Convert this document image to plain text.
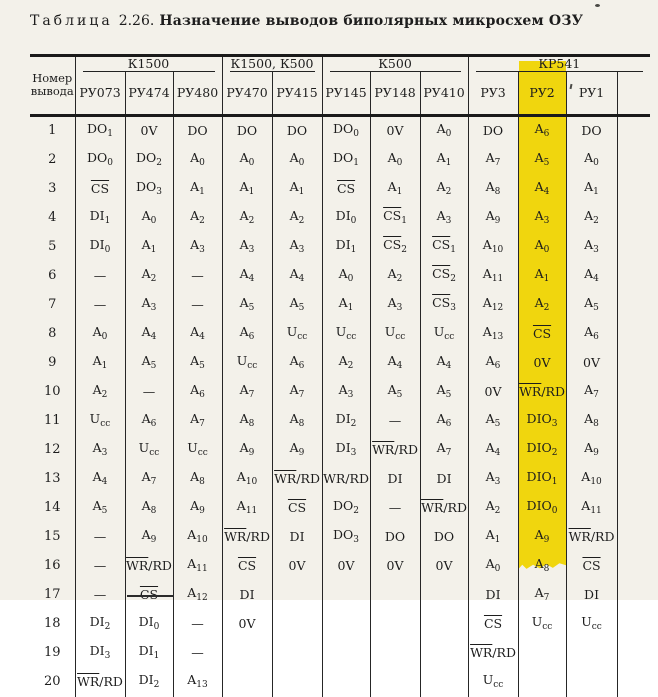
Таблица 2.26. Назначение выводов биполярных микросхем ОЗУ
Номер
вывода	К1500			К1500, К500		К500			КР541			

	РУ073	РУ474	РУ480	РУ470	РУ415	РУ145	РУ148	РУ410	РУ3	РУ2	РУ1	
1	$DO_1$	0V	DO	DO	DO	$DO_0$	0V	$A_0$	DO	$A_6$	DO	
2	$DO_0$	$DO_2$	$A_0$	$A_0$	$A_0$	$DO_1$	$A_0$	$A_1$	$A_7$	$A_5$	$A_0$	
3	$\overline{CS}$	$DO_3$	$A_1$	$A_1$	$A_1$	$\overline{CS}$	$A_1$	$A_2$	$A_8$	$A_4$	$A_1$	
4	$DI_1$	$A_0$	$A_2$	$A_2$	$A_2$	$DI_0$	$\overline{CS}_1$	$A_3$	$A_9$	$A_3$	$A_2$	
5	$DI_0$	$A_1$	$A_3$	$A_3$	$A_3$	$DI_1$	$\overline{CS}_2$	$\overline{CS}_1$	$A_{10}$	$A_0$	$A_3$	
6	—	$A_2$	—	$A_4$	$A_4$	$A_0$	$A_2$	$\overline{CS}_2$	$A_{11}$	$A_1$	$A_4$	
7	—	$A_3$	—	$A_5$	$A_5$	$A_1$	$A_3$	$\overline{CS}_3$	$A_{12}$	$A_2$	$A_5$	
8	$A_0$	$A_4$	$A_4$	$A_6$	$U_{cc}$	$U_{cc}$	$U_{cc}$	$U_{cc}$	$A_{13}$	$\overline{CS}$	$A_6$	
9	$A_1$	$A_5$	$A_5$	$U_{cc}$	$A_6$	$A_2$	$A_4$	$A_4$	$A_6$	0V	0V	
10	$A_2$	—	$A_6$	$A_7$	$A_7$	$A_3$	$A_5$	$A_5$	0V	$\overline{WR}/RD$	$A_7$	
11	$U_{cc}$	$A_6$	$A_7$	$A_8$	$A_8$	$DI_2$	—	$A_6$	$A_5$	$DIO_3$	$A_8$	
12	$A_3$	$U_{cc}$	$U_{cc}$	$A_9$	$A_9$	$DI_3$	$\overline{WR}/RD$	$A_7$	$A_4$	$DIO_2$	$A_9$	
13	$A_4$	$A_7$	$A_8$	$A_{10}$	$\overline{WR}/RD$	WR/RD	DI	DI	$A_3$	$DIO_1$	$A_{10}$	
14	$A_5$	$A_8$	$A_9$	$A_{11}$	$\overline{CS}$	$DO_2$	—	$\overline{WR}/RD$	$A_2$	$DIO_0$	$A_{11}$	
15	—	$A_9$	$A_{10}$	$\overline{WR}/RD$	DI	$DO_3$	DO	DO	$A_1$	$A_9$	$\overline{WR}/RD$	
16	—	$\overline{WR}/RD$	$A_{11}$	$\overline{CS}$	0V	0V	0V	0V	$A_0$	$A_8$	$\overline{CS}$	
17	—		$A_{12}$	DI					DI	$A_7$	DI	
18	$DI_2$	$DI_0$	—	0V					$\overline{CS}$	$U_{cc}$	$U_{cc}$	
19	$DI_3$	$DI_1$	—						$\overline{WR}/RD$			
20	$\overline{WR}/RD$	$DI_2$	$A_{13}$						$U_{cc}$			
